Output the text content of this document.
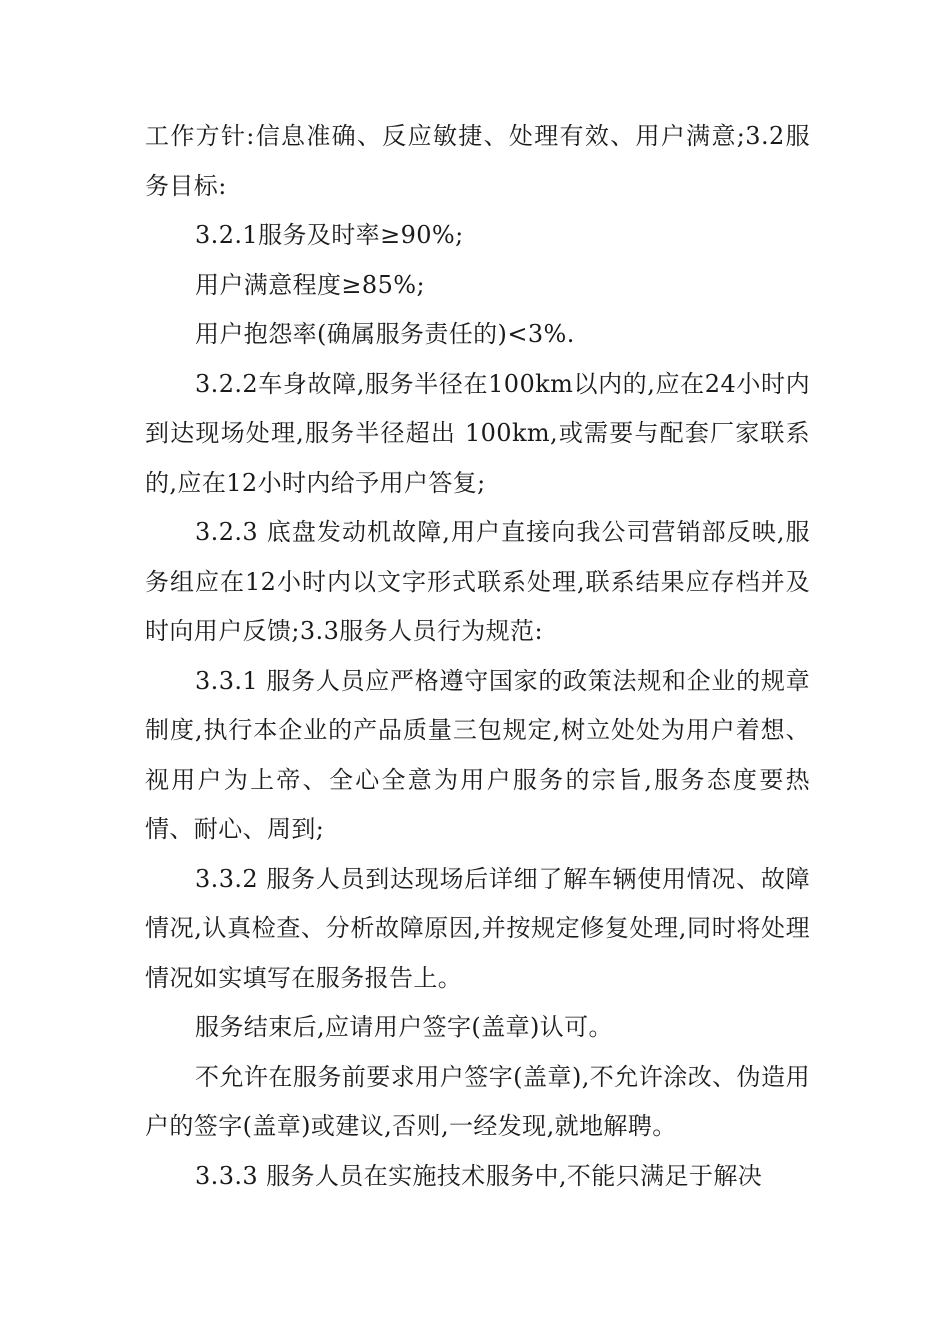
工作方针:信息准确、反应敏捷、处理有效、用户满意;3.2服务目标:

3.2.1服务及时率≥90%;

用户满意程度≥85%;

用户抱怨率(确属服务责任的)<3%.

3.2.2车身故障,服务半径在100km以内的,应在24小时内到达现场处理,服务半径超出 100km,或需要与配套厂家联系的,应在12小时内给予用户答复;

3.2.3 底盘发动机故障,用户直接向我公司营销部反映,服务组应在12小时内以文字形式联系处理,联系结果应存档并及时向用户反馈;3.3服务人员行为规范:

3.3.1 服务人员应严格遵守国家的政策法规和企业的规章制度,执行本企业的产品质量三包规定,树立处处为用户着想、视用户为上帝、全心全意为用户服务的宗旨,服务态度要热情、耐心、周到;

3.3.2 服务人员到达现场后详细了解车辆使用情况、故障情况,认真检查、分析故障原因,并按规定修复处理,同时将处理情况如实填写在服务报告上。

服务结束后,应请用户签字(盖章)认可。

不允许在服务前要求用户签字(盖章),不允许涂改、伪造用户的签字(盖章)或建议,否则,一经发现,就地解聘。

3.3.3 服务人员在实施技术服务中,不能只满足于解决
